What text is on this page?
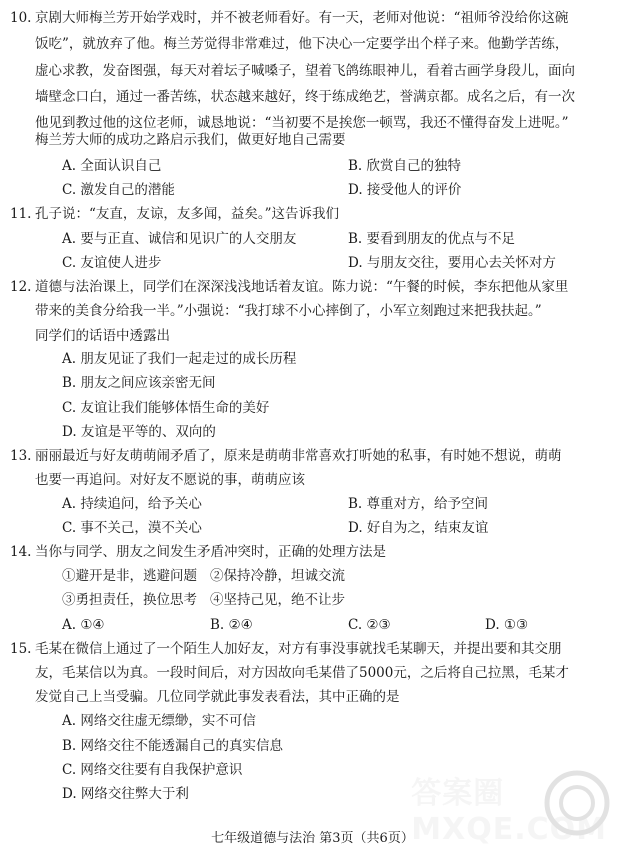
10. 京剧大师梅兰芳开始学戏时，并不被老师看好。有一天，老师对他说：“祖师爷没给你这碗
饭吃”，就放弃了他。梅兰芳觉得非常难过，他下决心一定要学出个样子来。他勤学苦练，
虚心求教，发奋图强，每天对着坛子喊嗓子，望着飞鸽练眼神儿，看着古画学身段儿，面向
墙壁念口白，通过一番苦练，状态越来越好，终于练成绝艺，誉满京都。成名之后，有一次
他见到教过他的这位老师，诚恳地说：“当初要不是挨您一顿骂，我还不懂得奋发上进呢。”
梅兰芳大师的成功之路启示我们，做更好地自己需要
A. 全面认识自己	B. 欣赏自己的独特
C. 激发自己的潜能	D. 接受他人的评价
11. 孔子说：“友直，友谅，友多闻，益矣。”这告诉我们
A. 要与正直、诚信和见识广的人交朋友	B. 要看到朋友的优点与不足
C. 友谊使人进步	D. 与朋友交往，要用心去关怀对方
12. 道德与法治课上，同学们在深深浅浅地话着友谊。陈力说：“午餐的时候，李东把他从家里
带来的美食分给我一半。”小强说：“我打球不小心摔倒了，小军立刻跑过来把我扶起。”
同学们的话语中透露出
A. 朋友见证了我们一起走过的成长历程
B. 朋友之间应该亲密无间
C. 友谊让我们能够体悟生命的美好
D. 友谊是平等的、双向的
13. 丽丽最近与好友萌萌闹矛盾了，原来是萌萌非常喜欢打听她的私事，有时她不想说，萌萌
也要一再追问。对好友不愿说的事，萌萌应该
A. 持续追问，给予关心	B. 尊重对方，给予空间
C. 事不关己，漠不关心	D. 好自为之，结束友谊
14. 当你与同学、朋友之间发生矛盾冲突时，正确的处理方法是
①避开是非，逃避问题 ②保持冷静，坦诚交流
③勇担责任，换位思考 ④坚持己见，绝不让步
A. ①④	B. ②④	C. ②③	D. ①③
15. 毛某在微信上通过了一个陌生人加好友，对方有事没事就找毛某聊天，并提出要和其交朋
友，毛某信以为真。一段时间后，对方因故向毛某借了5000元，之后将自己拉黑，毛某才
发觉自己上当受骗。几位同学就此事发表看法，其中正确的是
A. 网络交往虚无缥缈，实不可信
B. 网络交往不能透漏自己的真实信息
C. 网络交往要有自我保护意识
D. 网络交往弊大于利
七年级道德与法治 第3页（共6页）
答案圈 MXQE.COM
